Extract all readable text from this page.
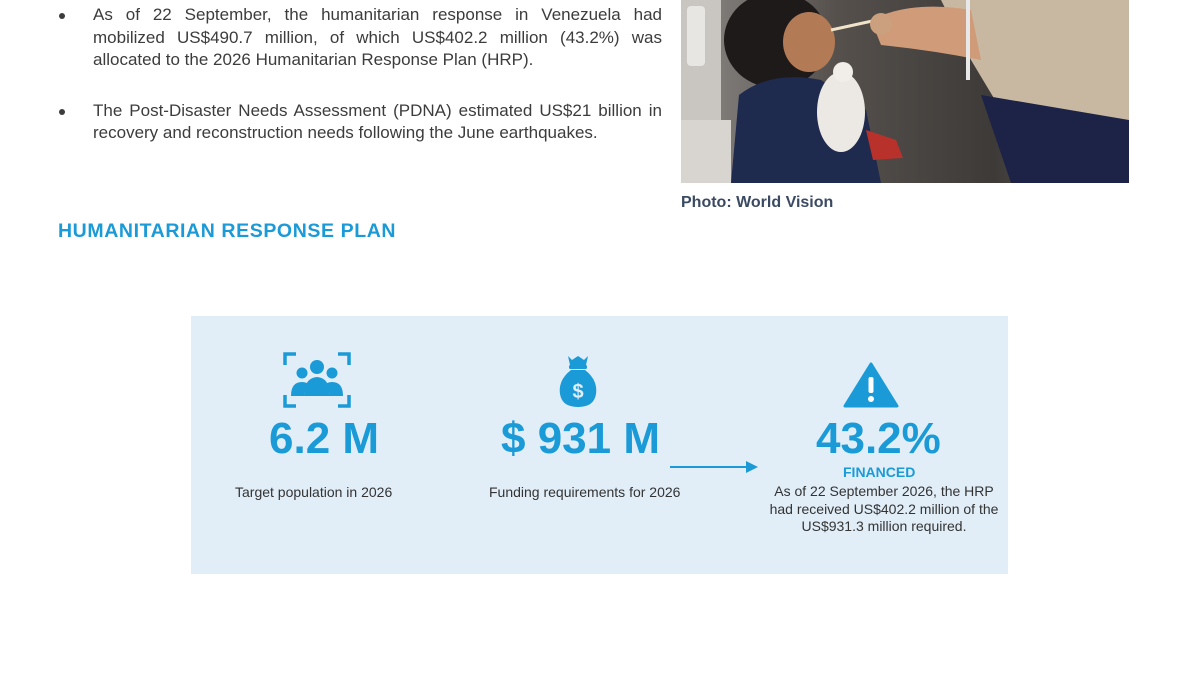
As of 22 September, the humanitarian response in Venezuela had mobilized US$490.7 million, of which US$402.2 million (43.2%) was allocated to the 2026 Humanitarian Response Plan (HRP).
The Post-Disaster Needs Assessment (PDNA) estimated US$21 billion in recovery and reconstruction needs following the June earthquakes.
HUMANITARIAN RESPONSE PLAN
Photo: World Vision
6.2 M
Target population in 2026
$
$ 931 M
Funding requirements for 2026
43.2%
FINANCED
As of 22 September 2026, the HRP had received US$402.2 million of the US$931.3 million required.
